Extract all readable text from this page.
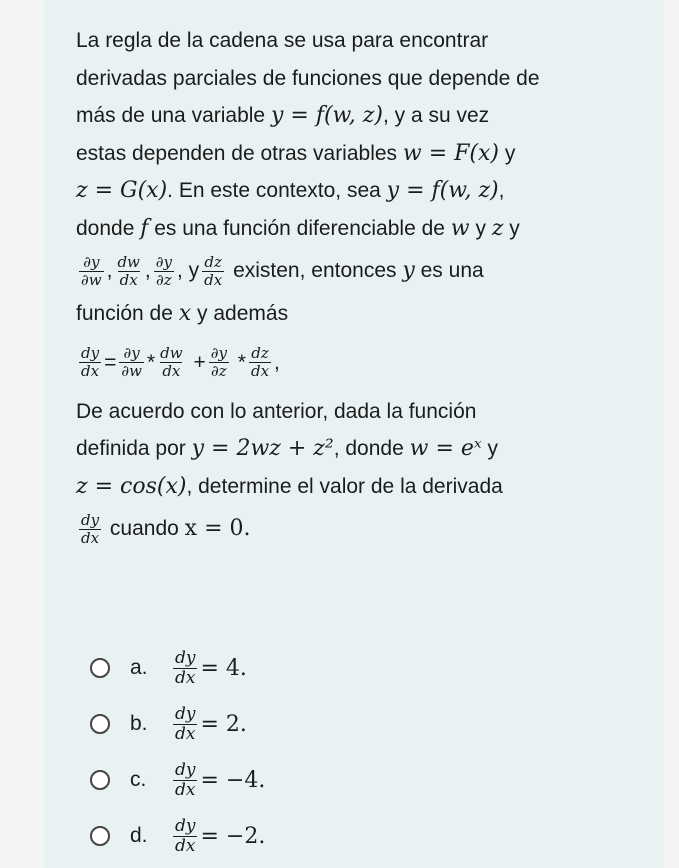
La regla de la cadena se usa para encontrar
derivadas parciales de funciones que depende de
más de una variable y = f(w, z), y a su vez
estas dependen de otras variables w = F(x) y
z = G(x). En este contexto, sea y = f(w, z),
donde f es una función diferenciable de w y z y
$\frac{\partial y}{\partial w}$ , $\frac{dw}{dx}$ , $\frac{\partial y}{\partial z}$ , y $\frac{dz}{dx}$
existen, entonces
y
es una
función de x y además
$\frac{dy}{dx} = \frac{\partial y}{\partial w} * \frac{dw}{dx}$
+ $\frac{\partial y}{\partial z}$
* $\frac{dz}{dx}$ ,
De acuerdo con lo anterior, dada la función
definida por y = 2wz + z², donde w = eˣ y
z = cos(x), determine el valor de la derivada
$\frac{dy}{dx}$
cuando
x = 0.
a.	$\frac{dy}{dx} = 4$.
b.	$\frac{dy}{dx} = 2$.
c.	$\frac{dy}{dx} = -4$.
d.	$\frac{dy}{dx} = -2$.
